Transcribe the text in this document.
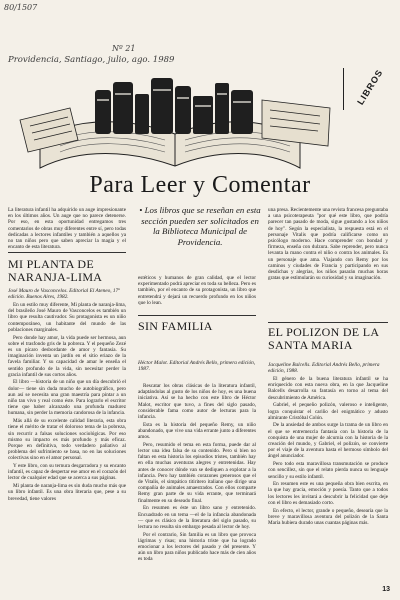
80/1507
Nº 21
Providencia, Santiago, julio, ago. 1989
LIBROS
Para Leer y Comentar
La literatura infantil ha adquirido un auge impresionante en los últimos años. Un auge que no parece detenerse. Por eso, en esta oportunidad entregamos tres comentarios de obras muy diferentes entre sí, pero todas dedicadas a lectores infantiles y también a aquellos ya no tan niños pero que saben apreciar la magia y el encanto de esta literatura.
MI PLANTA DE NARANJA-LIMA
José Mauro de Vasconcelos. Editorial El Ateneo, 17ª edición. Buenos Aires, 1982.

En un estilo muy diferente, Mi planta de naranja-lima, del brasileño José Mauro de Vasconcelos es también un libro que resulta cautivador. Su protagonista es un niño contemporáneo, un habitante del mundo de las poblaciones marginales.

Pero donde hay amor, la vida puede ser hermosa, aun sobre el trasfondo gris de la pobreza. Y el pequeño Zezé es un pícaro desbordante de amor y fantasía. Su imaginación inventa un jardín en el sitio eriazo de la favela familiar. Y su capacidad de amar le enseña el sentido profundo de la vida, sin necesitar perder la gracia infantil de sus cortos años.

El libro —historia de un niño que un día descubrió el dolor— tiene sin duda mucho de autobiográfico, pero aun así se necesita una gran maestría para pintar a un niño tan vivo y real como éste. Para lograrlo el escritor tiene que haber alcanzado una profunda madurez humana, sin perder la memoria candorosa de la infancia.

Más allá de su excelente calidad literaria, esta obra tiene el mérito de tratar el doloroso tema de la pobreza, sin recurrir a falsas soluciones sociológicas. Por eso mismo su impacto es más profundo y más eficaz. Porque en definitiva, todo verdadero paliativo al problema del sufrimiento se basa, no en las soluciones colectivas sino en el amor personal.

Y este libro, con su ternura desgarradora y su encanto infantil, es capaz de despertar ese amor en el corazón del lector de cualquier edad que se acerca a sus páginas.

Mi planta de naranja-lima es sin duda mucho más que un libro infantil. Es una obra literaria que, pese a su brevedad, tiene valores

• Los libros que se reseñan en esta sección pueden ser solicitados en la Biblioteca Municipal de Providencia.
estéticos y humanos de gran calidad, que el lector experimentado podrá apreciar en toda su belleza. Pero es también, por el encanto de su protagonista, un libro que entretendrá y dejará un recuerdo profundo en los niños que lo lean.
SIN FAMILIA
Héctor Malot. Editorial Andrés Bello, primera edición, 1987.

Rescatar los obras clásicas de la literatura infantil, adaptándolas al gusto de los niños de hoy, es una buena iniciativa. Así se ha hecho con este libro de Héctor Malot, escritor que tuvo, a fines del siglo pasado, considerable fama como autor de lecturas para la infancia.

Esta es la historia del pequeño Remy, un niño abandonado, que vive una vida errante junto a diferentes amos.

Pero, resumido el tema en esta forma, puede dar al lector una idea falsa de su contenido. Pero si bien no faltan en esta historia los episodios tristes, también hay en ella muchas aventuras alegres y entretenidas. Hay antes de conocer dónde van se dediquen a explotar a la infancia. Pero hay también corazones generosos que el de Vitalis, el simpático titiritero italiano que dirige una compañía de animales amaestrados. Con ellos comparte Remy gran parte de su vida errante, que terminará finalmente en su deseado final.

En resumen es éste un libro sano y entretenido. Encuadrado en un tema —el de la infancia abandonada— que es clásico de la literatura del siglo pasado, su lectura no resulta sin embargo pesada al lector de hoy.

Por el contrario, Sin familia es un libro que provoca lágrimas y risas; una historia triste que ha logrado emocionar a los lectores del pasado y del presente. Y aún un libro para niños publicado hace más de cien años es toda

una presa. Recientemente una revista francesa preguntaba a una psicoterapeuta "por qué este libro, que podría parecer tan pasado de moda, sigue gustando a los niños de hoy". Según la especialista, la respuesta está en el personaje Vitalis que podría calificarse como un psicólogo moderno. Hace comprender con bondad y firmeza, enseña con dulzura. Sabe reprender, pero nunca levanta la mano contra el niño o contra los animales. Es un personaje que ama. Viajando con Remy por los caminos y ciudades de Francia y participando en sus desdichas y alegrías, los niños pasarán muchas horas gratas que estimularán su curiosidad y su imaginación.
EL POLIZON DE LA SANTA MARIA
Jacqueline Balcells. Editorial Andrés Bello, primera edición, 1988.

El género de la buena literatura infantil se ha enriquecido con esta nueva obra, en la que Jacqueline Balcells desarrolla su fantasía en torno al tema del descubrimiento de América.

Gabriel, el pequeño polizón, valeroso e inteligente, logra conquistar el cariño del enigmático y adusto almirante Cristóbal Colón.

De la ansiedad de ambos surge la trama de un libro en el que se entremezcla fantasía con la historia de la conquista de una mujer de alcurnia con la historia de la creación del mundo, y Gabriel, el polizón, se convierte por el viaje de la aventura hasta el hermoso símbolo del ángel anunciador.

Pero todo esta maravillosa transmutación se produce con sencillez, sin que el relato pierda nunca su lenguaje sencillo y su estilo infantil.

En resumen este es una pequeña obra bien escrita, en la que hay gracia, emoción y poesía. Tanto que a todos los lectores les invitará a descubrir la felicidad que deje con el libro es demasiado corto.

En efecto, el lector, grande o pequeño, desearía que la breve y maravillosa aventura del polizón de la Santa María hubiera durado unas cuantas páginas más.

13
